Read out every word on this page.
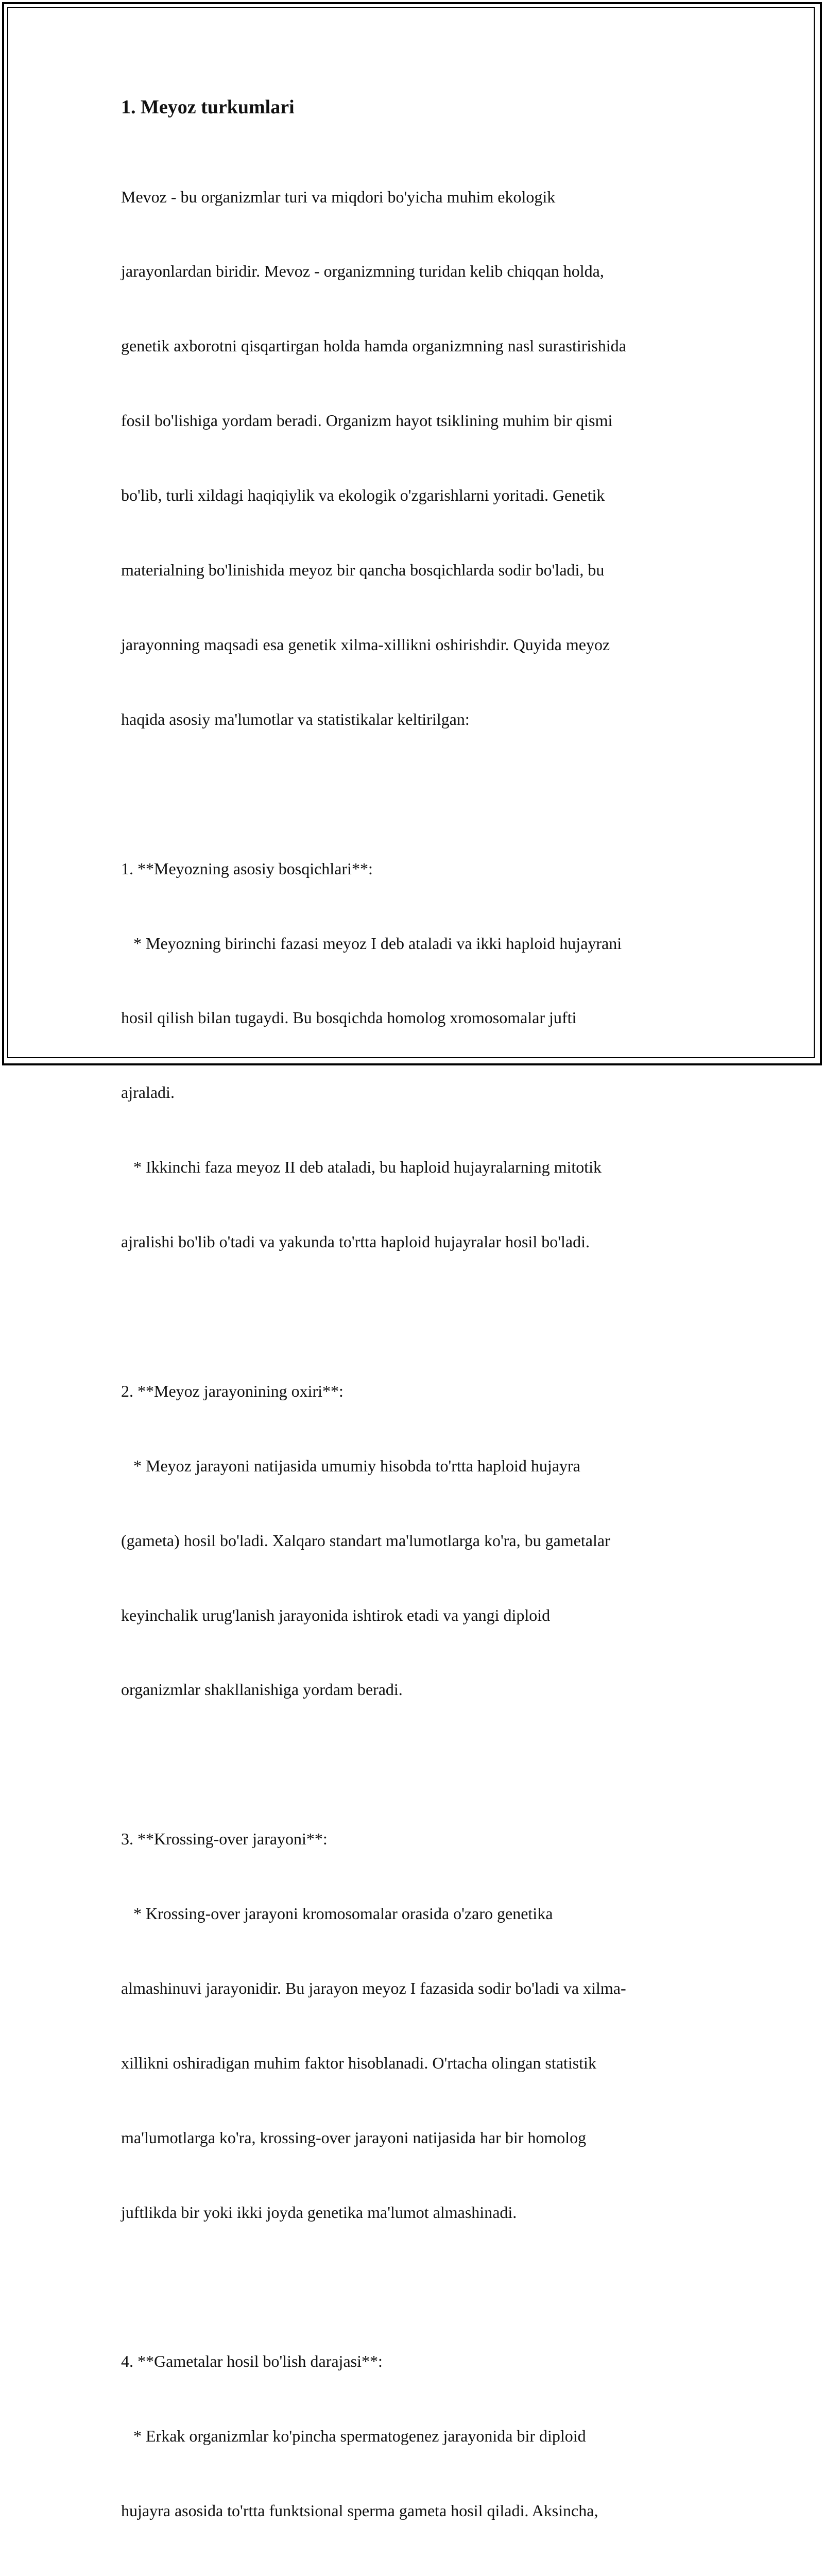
1. Meyoz turkumlari

Mevoz - bu organizmlar turi va miqdori bo'yicha muhim ekologik

jarayonlardan biridir. Mevoz - organizmning turidan kelib chiqqan holda,

genetik axborotni qisqartirgan holda hamda organizmning nasl surastirishida

fosil bo'lishiga yordam beradi. Organizm hayot tsiklining muhim bir qismi

bo'lib, turli xildagi haqiqiylik va ekologik o'zgarishlarni yoritadi. Genetik

materialning bo'linishida meyoz bir qancha bosqichlarda sodir bo'ladi, bu

jarayonning maqsadi esa genetik xilma-xillikni oshirishdir. Quyida meyoz

haqida asosiy ma'lumotlar va statistikalar keltirilgan:

1. **Meyozning asosiy bosqichlari**:

* Meyozning birinchi fazasi meyoz I deb ataladi va ikki haploid hujayrani

hosil qilish bilan tugaydi. Bu bosqichda homolog xromosomalar jufti

ajraladi.

* Ikkinchi faza meyoz II deb ataladi, bu haploid hujayralarning mitotik

ajralishi bo'lib o'tadi va yakunda to'rtta haploid hujayralar hosil bo'ladi.

2. **Meyoz jarayonining oxiri**:

* Meyoz jarayoni natijasida umumiy hisobda to'rtta haploid hujayra

(gameta) hosil bo'ladi. Xalqaro standart ma'lumotlarga ko'ra, bu gametalar

keyinchalik urug'lanish jarayonida ishtirok etadi va yangi diploid

organizmlar shakllanishiga yordam beradi.

3. **Krossing-over jarayoni**:

* Krossing-over jarayoni kromosomalar orasida o'zaro genetika

almashinuvi jarayonidir. Bu jarayon meyoz I fazasida sodir bo'ladi va xilma-

xillikni oshiradigan muhim faktor hisoblanadi. O'rtacha olingan statistik

ma'lumotlarga ko'ra, krossing-over jarayoni natijasida har bir homolog

juftlikda bir yoki ikki joyda genetika ma'lumot almashinadi.

4. **Gametalar hosil bo'lish darajasi**:

* Erkak organizmlar ko'pincha spermatogenez jarayonida bir diploid

hujayra asosida to'rtta funktsional sperma gameta hosil qiladi. Aksincha,
